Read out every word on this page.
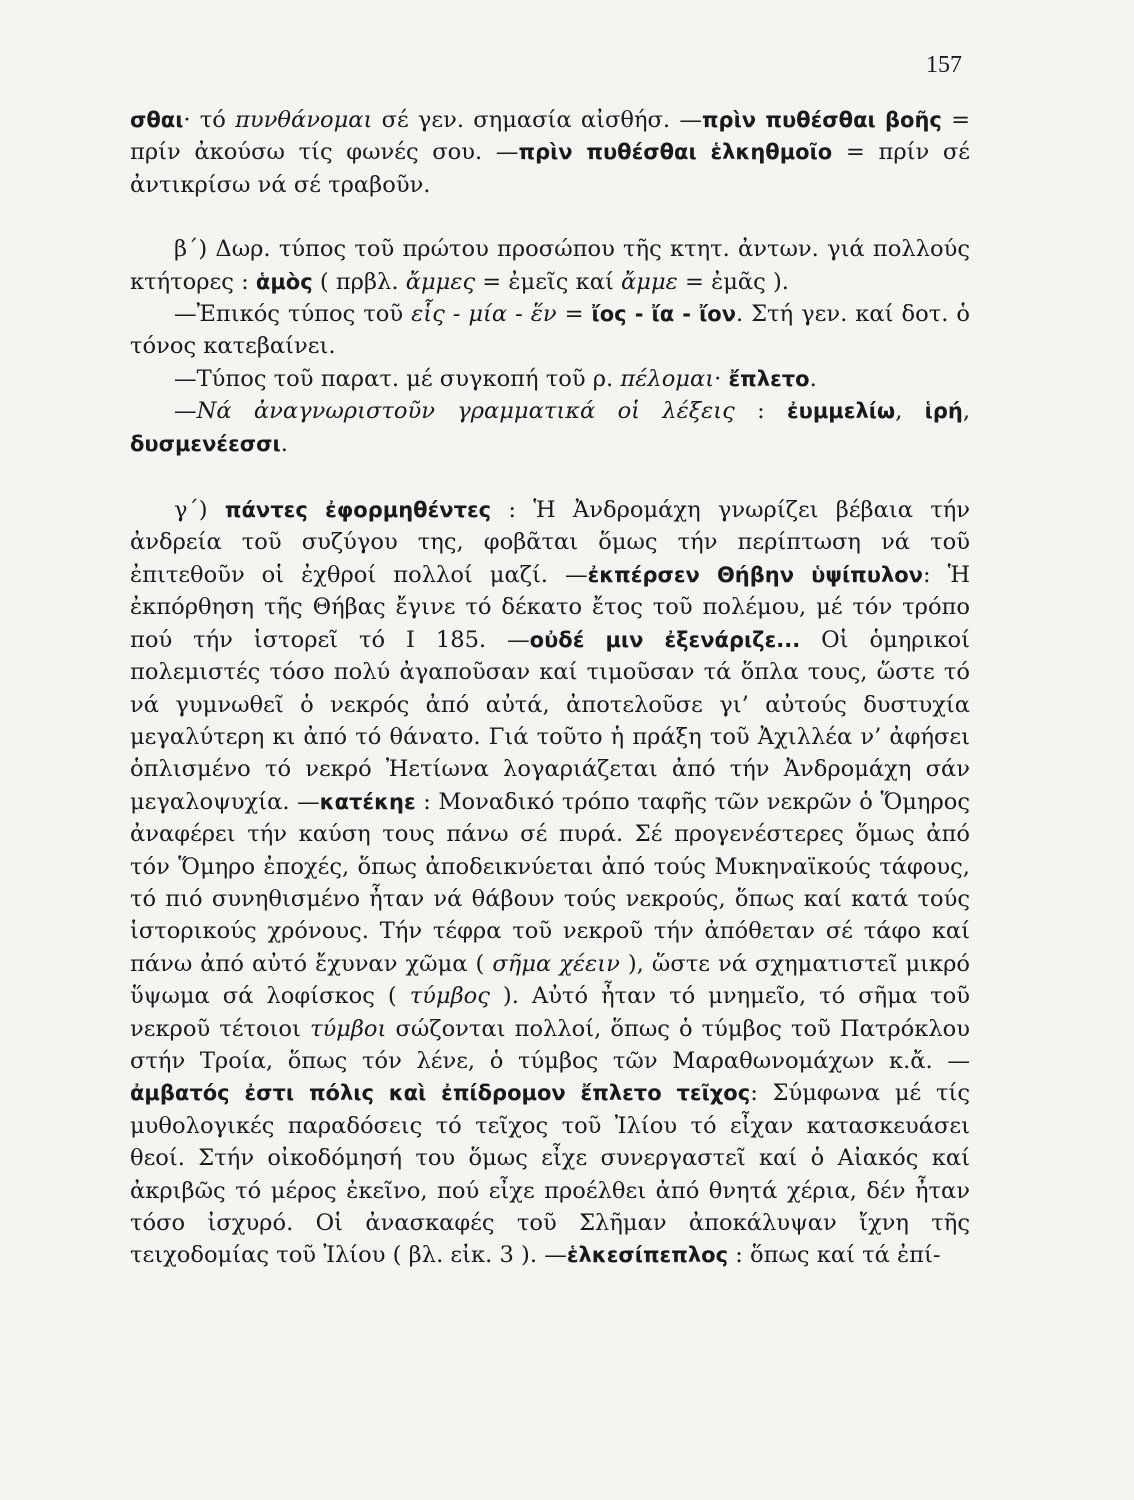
157

σθαι· τό πυνθάνομαι σέ γεν. σημασία αἰσθήσ. —πρὶν πυθέσθαι βοῆς = πρίν ἀκούσω τίς φωνές σου. —πρὶν πυθέσθαι ἑλκηθμοῖο = πρίν σέ ἀντικρίσω νά σέ τραβοῦν.

β΄) Δωρ. τύπος τοῦ πρώτου προσώπου τῆς κτητ. ἀντων. γιά πολλούς κτήτορες : ἁμὸς ( πρβλ. ἄμμες = ἐμεῖς καί ἄμμε = ἐμᾶς ).

—Ἐπικός τύπος τοῦ εἷς - μία - ἕν = ἴος - ἴα - ἴον. Στή γεν. καί δοτ. ὁ τόνος κατεβαίνει.

—Τύπος τοῦ παρατ. μέ συγκοπή τοῦ ρ. πέλομαι· ἔπλετο.

—Νά ἀναγνωριστοῦν γραμματικά οἱ λέξεις : ἐυμμελίω, ἱρή, δυσμενέεσσι.

γ΄) πάντες ἐφορμηθέντες : Ἡ Ἀνδρομάχη γνωρίζει βέβαια τήν ἀνδρεία τοῦ συζύγου της, φοβᾶται ὅμως τήν περίπτωση νά τοῦ ἐπιτεθοῦν οἱ ἐχθροί πολλοί μαζί. —ἐκπέρσεν Θήβην ὑψίπυλον: Ἡ ἐκπόρθηση τῆς Θήβας ἔγινε τό δέκατο ἔτος τοῦ πολέμου, μέ τόν τρόπο πού τήν ἱστορεῖ τό Ι 185. —οὐδέ μιν ἐξενάριζε... Οἱ ὁμηρικοί πολεμιστές τόσο πολύ ἀγαποῦσαν καί τιμοῦσαν τά ὅπλα τους, ὥστε τό νά γυμνωθεῖ ὁ νεκρός ἀπό αὐτά, ἀποτελοῦσε γι’ αὐτούς δυστυχία μεγαλύτερη κι ἀπό τό θάνατο. Γιά τοῦτο ἡ πράξη τοῦ Ἀχιλλέα ν’ ἀφήσει ὁπλισμένο τό νεκρό Ἠετίωνα λογαριάζεται ἀπό τήν Ἀνδρομάχη σάν μεγαλοψυχία. —κατέκηε : Μοναδικό τρόπο ταφῆς τῶν νεκρῶν ὁ Ὅμηρος ἀναφέρει τήν καύση τους πάνω σέ πυρά. Σέ προγενέστερες ὅμως ἀπό τόν Ὅμηρο ἐποχές, ὅπως ἀποδεικνύεται ἀπό τούς Μυκηναϊκούς τάφους, τό πιό συνηθισμένο ἦταν νά θάβουν τούς νεκρούς, ὅπως καί κατά τούς ἱστορικούς χρόνους. Τήν τέφρα τοῦ νεκροῦ τήν ἀπόθεταν σέ τάφο καί πάνω ἀπό αὐτό ἔχυναν χῶμα ( σῆμα χέειν ), ὥστε νά σχηματιστεῖ μικρό ὕψωμα σά λοφίσκος ( τύμβος ). Αὐτό ἦταν τό μνημεῖο, τό σῆμα τοῦ νεκροῦ τέτοιοι τύμβοι σώζονται πολλοί, ὅπως ὁ τύμβος τοῦ Πατρόκλου στήν Τροία, ὅπως τόν λένε, ὁ τύμβος τῶν Μαραθωνομάχων κ.ἄ. —ἀμβατός ἐστι πόλις καὶ ἐπίδρομον ἔπλετο τεῖχος: Σύμφωνα μέ τίς μυθολογικές παραδόσεις τό τεῖχος τοῦ Ἰλίου τό εἶχαν κατασκευάσει θεοί. Στήν οἰκοδόμησή του ὅμως εἶχε συνεργαστεῖ καί ὁ Αἰακός καί ἀκριβῶς τό μέρος ἐκεῖνο, πού εἶχε προέλθει ἀπό θνητά χέρια, δέν ἦταν τόσο ἰσχυρό. Οἱ ἀνασκαφές τοῦ Σλῆμαν ἀποκάλυψαν ἴχνη τῆς τειχοδομίας τοῦ Ἰλίου ( βλ. εἰκ. 3 ). —ἑλκεσίπεπλος : ὅπως καί τά ἐπί-
